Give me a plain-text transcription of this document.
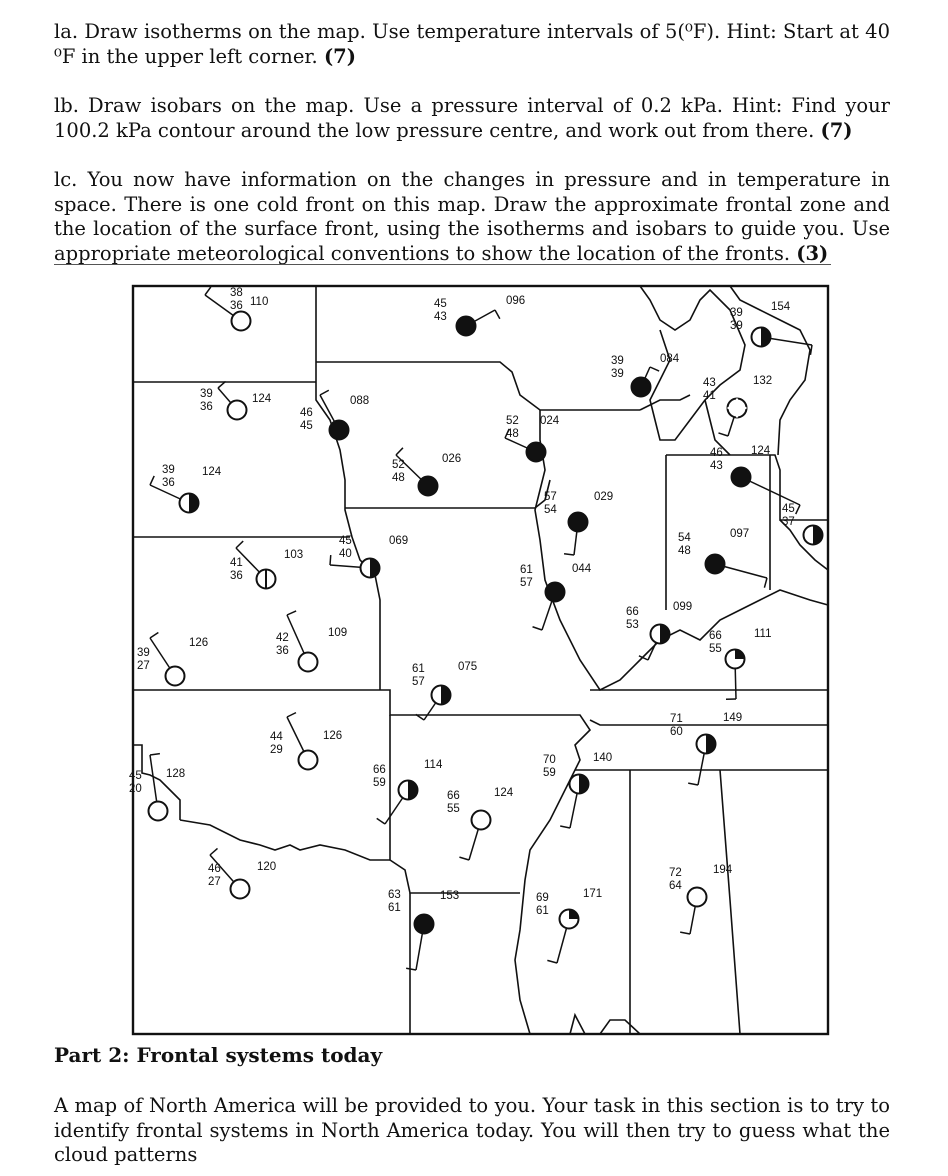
la. Draw isotherms on the map. Use temperature intervals of 5(⁰F). Hint: Start at 40 ⁰F in the upper left corner. (7)

lb. Draw isobars on the map. Use a pressure interval of 0.2 kPa. Hint: Find your 100.2 kPa contour around the low pressure centre, and work out from there. (7)

lc. You now have information on the changes in pressure and in temperature in space. There is one cold front on this map. Draw the approximate frontal zone and the location of the surface front, using the isotherms and isobars to guide you. Use appropriate meteorological conventions to show the location of the fronts. (3)

38
36 110	45
43
096
39
39
084
39
39
154
39
36
124
46
45
088
52
48
024
43
41
132
52
48
026	46
43
124
39
36
124
57
54
029
45
37
41
36
103
45
40
069	54
48
097
61
57
044
66
53
099
42
36
109
39
27
126
66
55
111
61
57
075
71
60
149
44
29
126
45
20
128	66
59
114	70
59
140
66
55
124
46
27
120	72
64
194
63
61
153	69
61
171
Part 2: Frontal systems today

A map of North America will be provided to you. Your task in this section is to try to identify frontal systems in North America today. You will then try to guess what the cloud patterns
